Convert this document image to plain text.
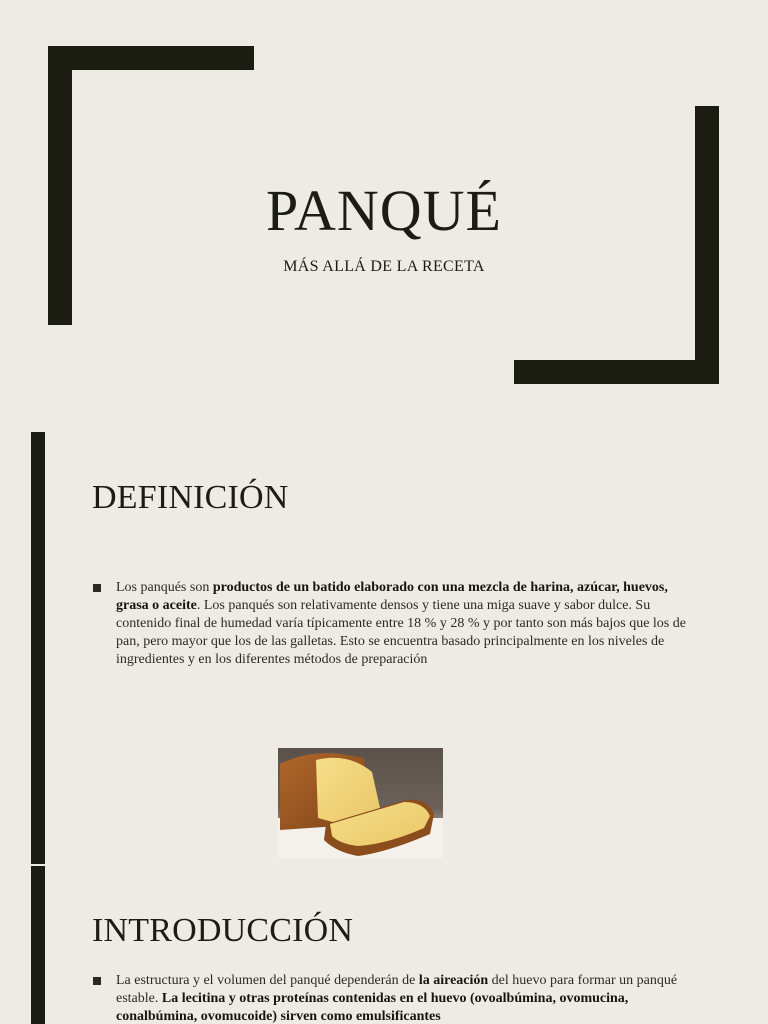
PANQUÉ
MÁS ALLÁ DE LA RECETA
DEFINICIÓN
Los panqués son productos de un batido elaborado con una mezcla de harina, azúcar, huevos, grasa o aceite. Los panqués son relativamente densos y tiene una miga suave y sabor dulce. Su contenido final de humedad varía típicamente entre 18 % y 28 % y por tanto son más bajos que los de pan, pero mayor que los de las galletas. Esto se encuentra basado principalmente en los niveles de ingredientes y en los diferentes métodos de preparación
INTRODUCCIÓN
La estructura y el volumen del panqué dependerán de la aireación del huevo para formar un panqué estable. La lecitina y otras proteínas contenidas en el huevo (ovoalbúmina, ovomucina, conalbúmina, ovomucoide) sirven como emulsificantes
